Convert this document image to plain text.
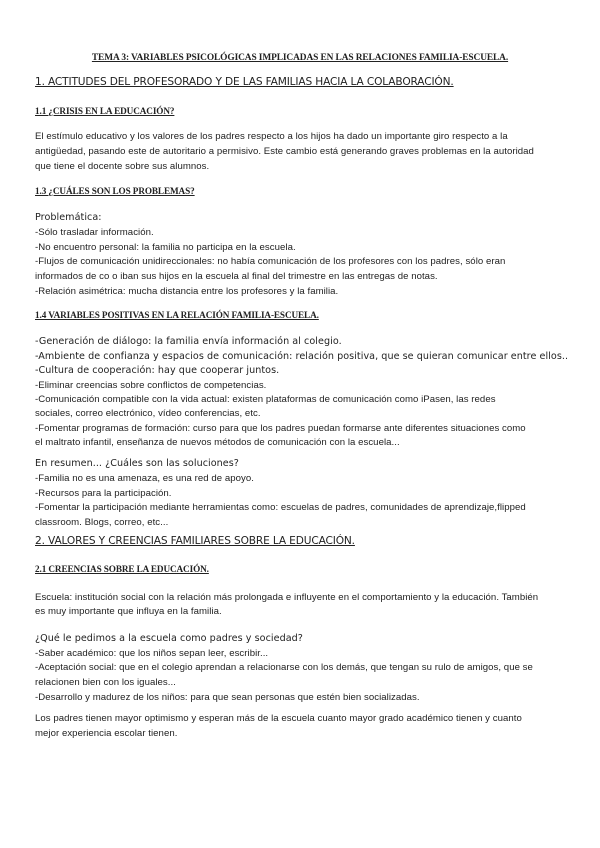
TEMA 3: VARIABLES PSICOLÓGICAS IMPLICADAS EN LAS RELACIONES FAMILIA-ESCUELA.
1. ACTITUDES DEL PROFESORADO Y DE LAS FAMILIAS HACIA LA COLABORACIÓN.
1.1 ¿CRISIS EN LA EDUCACIÓN?
El estímulo educativo y los valores de los padres respecto a los hijos ha dado un importante giro respecto a la
antigüedad, pasando este de autoritario a permisivo. Este cambio está generando graves problemas en la autoridad
que tiene el docente sobre sus alumnos.
1.3 ¿CUÁLES SON LOS PROBLEMAS?
Problemática:
-Sólo trasladar información.
-No encuentro personal: la familia no participa en la escuela.
-Flujos de comunicación unidireccionales: no había comunicación de los profesores con los padres, sólo eran
informados de co o iban sus hijos en la escuela al final del trimestre en las entregas de notas.
-Relación asimétrica: mucha distancia entre los profesores y la familia.
1.4 VARIABLES POSITIVAS EN LA RELACIÓN FAMILIA-ESCUELA.
-Generación de diálogo: la familia envía información al colegio.
-Ambiente de confianza y espacios de comunicación: relación positiva, que se quieran comunicar entre ellos..
-Cultura de cooperación: hay que cooperar juntos.
-Eliminar creencias sobre conflictos de competencias.
-Comunicación compatible con la vida actual: existen plataformas de comunicación como iPasen, las redes
sociales, correo electrónico, vídeo conferencias, etc.
-Fomentar programas de formación: curso para que los padres puedan formarse ante diferentes situaciones como
el maltrato infantil, enseñanza de nuevos métodos de comunicación con la escuela...
En resumen... ¿Cuáles son las soluciones?
-Familia no es una amenaza, es una red de apoyo.
-Recursos para la participación.
-Fomentar la participación mediante herramientas como: escuelas de padres, comunidades de aprendizaje,flipped
classroom. Blogs, correo, etc...
2. VALORES Y CREENCIAS FAMILIARES SOBRE LA EDUCACIÓN.
2.1 CREENCIAS SOBRE LA EDUCACIÓN.
Escuela: institución social con la relación más prolongada e influyente en el comportamiento y la educación. También
es muy importante que influya en la familia.
¿Qué le pedimos a la escuela como padres y sociedad?
-Saber académico: que los niños sepan leer, escribir...
-Aceptación social: que en el colegio aprendan a relacionarse con los demás, que tengan su rulo de amigos, que se
relacionen bien con los iguales...
-Desarrollo y madurez de los niños: para que sean personas que estén bien socializadas.
Los padres tienen mayor optimismo y esperan más de la escuela cuanto mayor grado académico tienen y cuanto
mejor experiencia escolar tienen.
